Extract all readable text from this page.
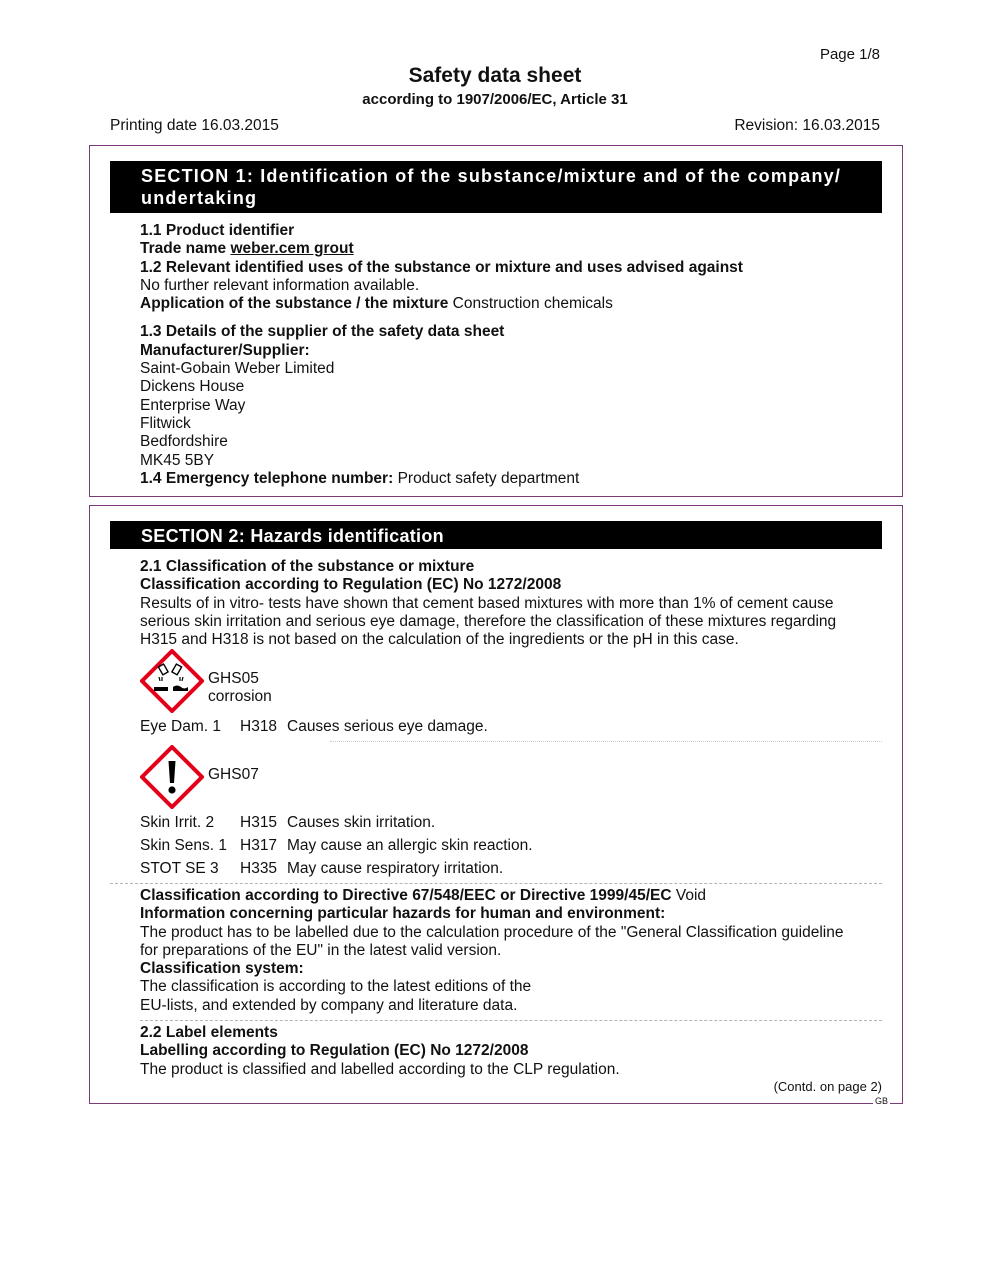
Page 1/8
Safety data sheet
according to 1907/2006/EC, Article 31
Printing date 16.03.2015	Revision: 16.03.2015
SECTION 1: Identification of the substance/mixture and of the company/
undertaking
1.1 Product identifier
Trade name weber.cem grout
1.2 Relevant identified uses of the substance or mixture and uses advised against
No further relevant information available.
Application of the substance / the mixture Construction chemicals
1.3 Details of the supplier of the safety data sheet
Manufacturer/Supplier:
Saint-Gobain Weber Limited
Dickens House
Enterprise Way
Flitwick
Bedfordshire
MK45 5BY
1.4 Emergency telephone number: Product safety department
SECTION 2: Hazards identification
2.1 Classification of the substance or mixture
Classification according to Regulation (EC) No 1272/2008
Results of in vitro- tests have shown that cement based mixtures with more than 1% of cement cause
serious skin irritation and serious eye damage, therefore the classification of these mixtures regarding
H315 and H318 is not based on the calculation of the ingredients or the pH in this case.
GHS05 corrosion
Eye Dam. 1 H318 Causes serious eye damage.
GHS07
Skin Irrit. 2 H315 Causes skin irritation.
Skin Sens. 1 H317 May cause an allergic skin reaction.
STOT SE 3 H335 May cause respiratory irritation.
Classification according to Directive 67/548/EEC or Directive 1999/45/EC Void
Information concerning particular hazards for human and environment:
The product has to be labelled due to the calculation procedure of the "General Classification guideline
for preparations of the EU" in the latest valid version.
Classification system:
The classification is according to the latest editions of the
EU-lists, and extended by company and literature data.
2.2 Label elements
Labelling according to Regulation (EC) No 1272/2008
The product is classified and labelled according to the CLP regulation.
(Contd. on page 2)
GB
